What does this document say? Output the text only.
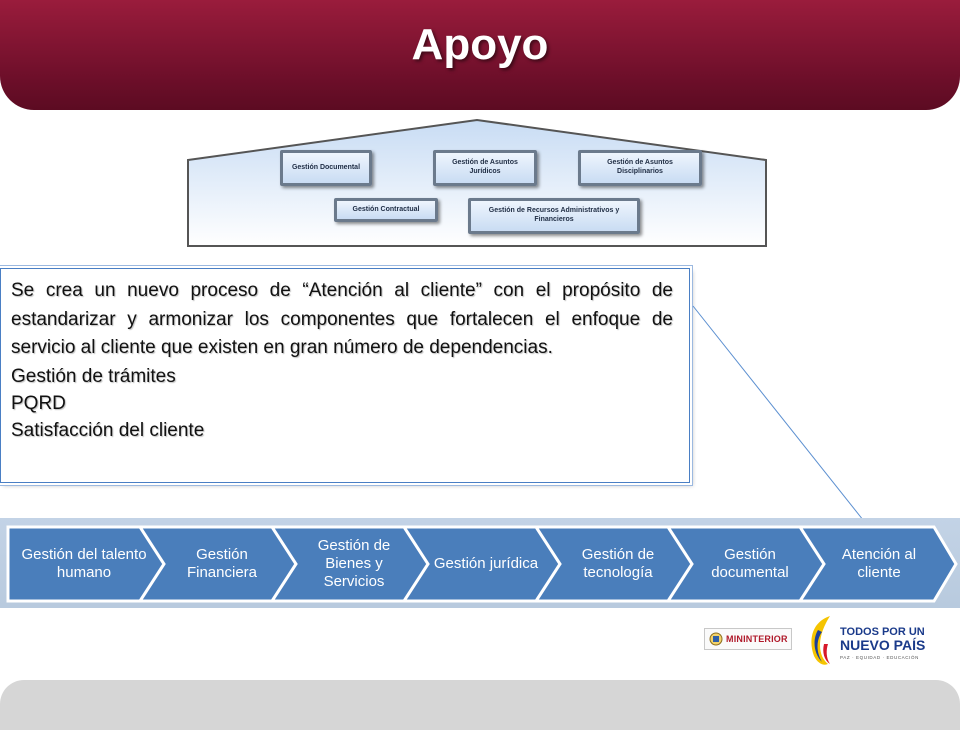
Apoyo
Gestión Documental
Gestión de Asuntos Jurídicos
Gestión de Asuntos Disciplinarios
Gestión Contractual	Gestión de Recursos Administrativos y Financieros

Se crea un nuevo proceso de “Atención al cliente” con el propósito de estandarizar y armonizar los componentes que fortalecen el enfoque de servicio al cliente que existen en gran número de dependencias.

Gestión de trámites

PQRD

Satisfacción del cliente

Gestión del talento humano
Gestión Financiera
Gestión de Bienes y Servicios
Gestión jurídica
Gestión de tecnología
Gestión documental
Atención al cliente
MININTERIOR
TODOS POR UN
NUEVO PAÍS
PAZ · EQUIDAD · EDUCACIÓN
